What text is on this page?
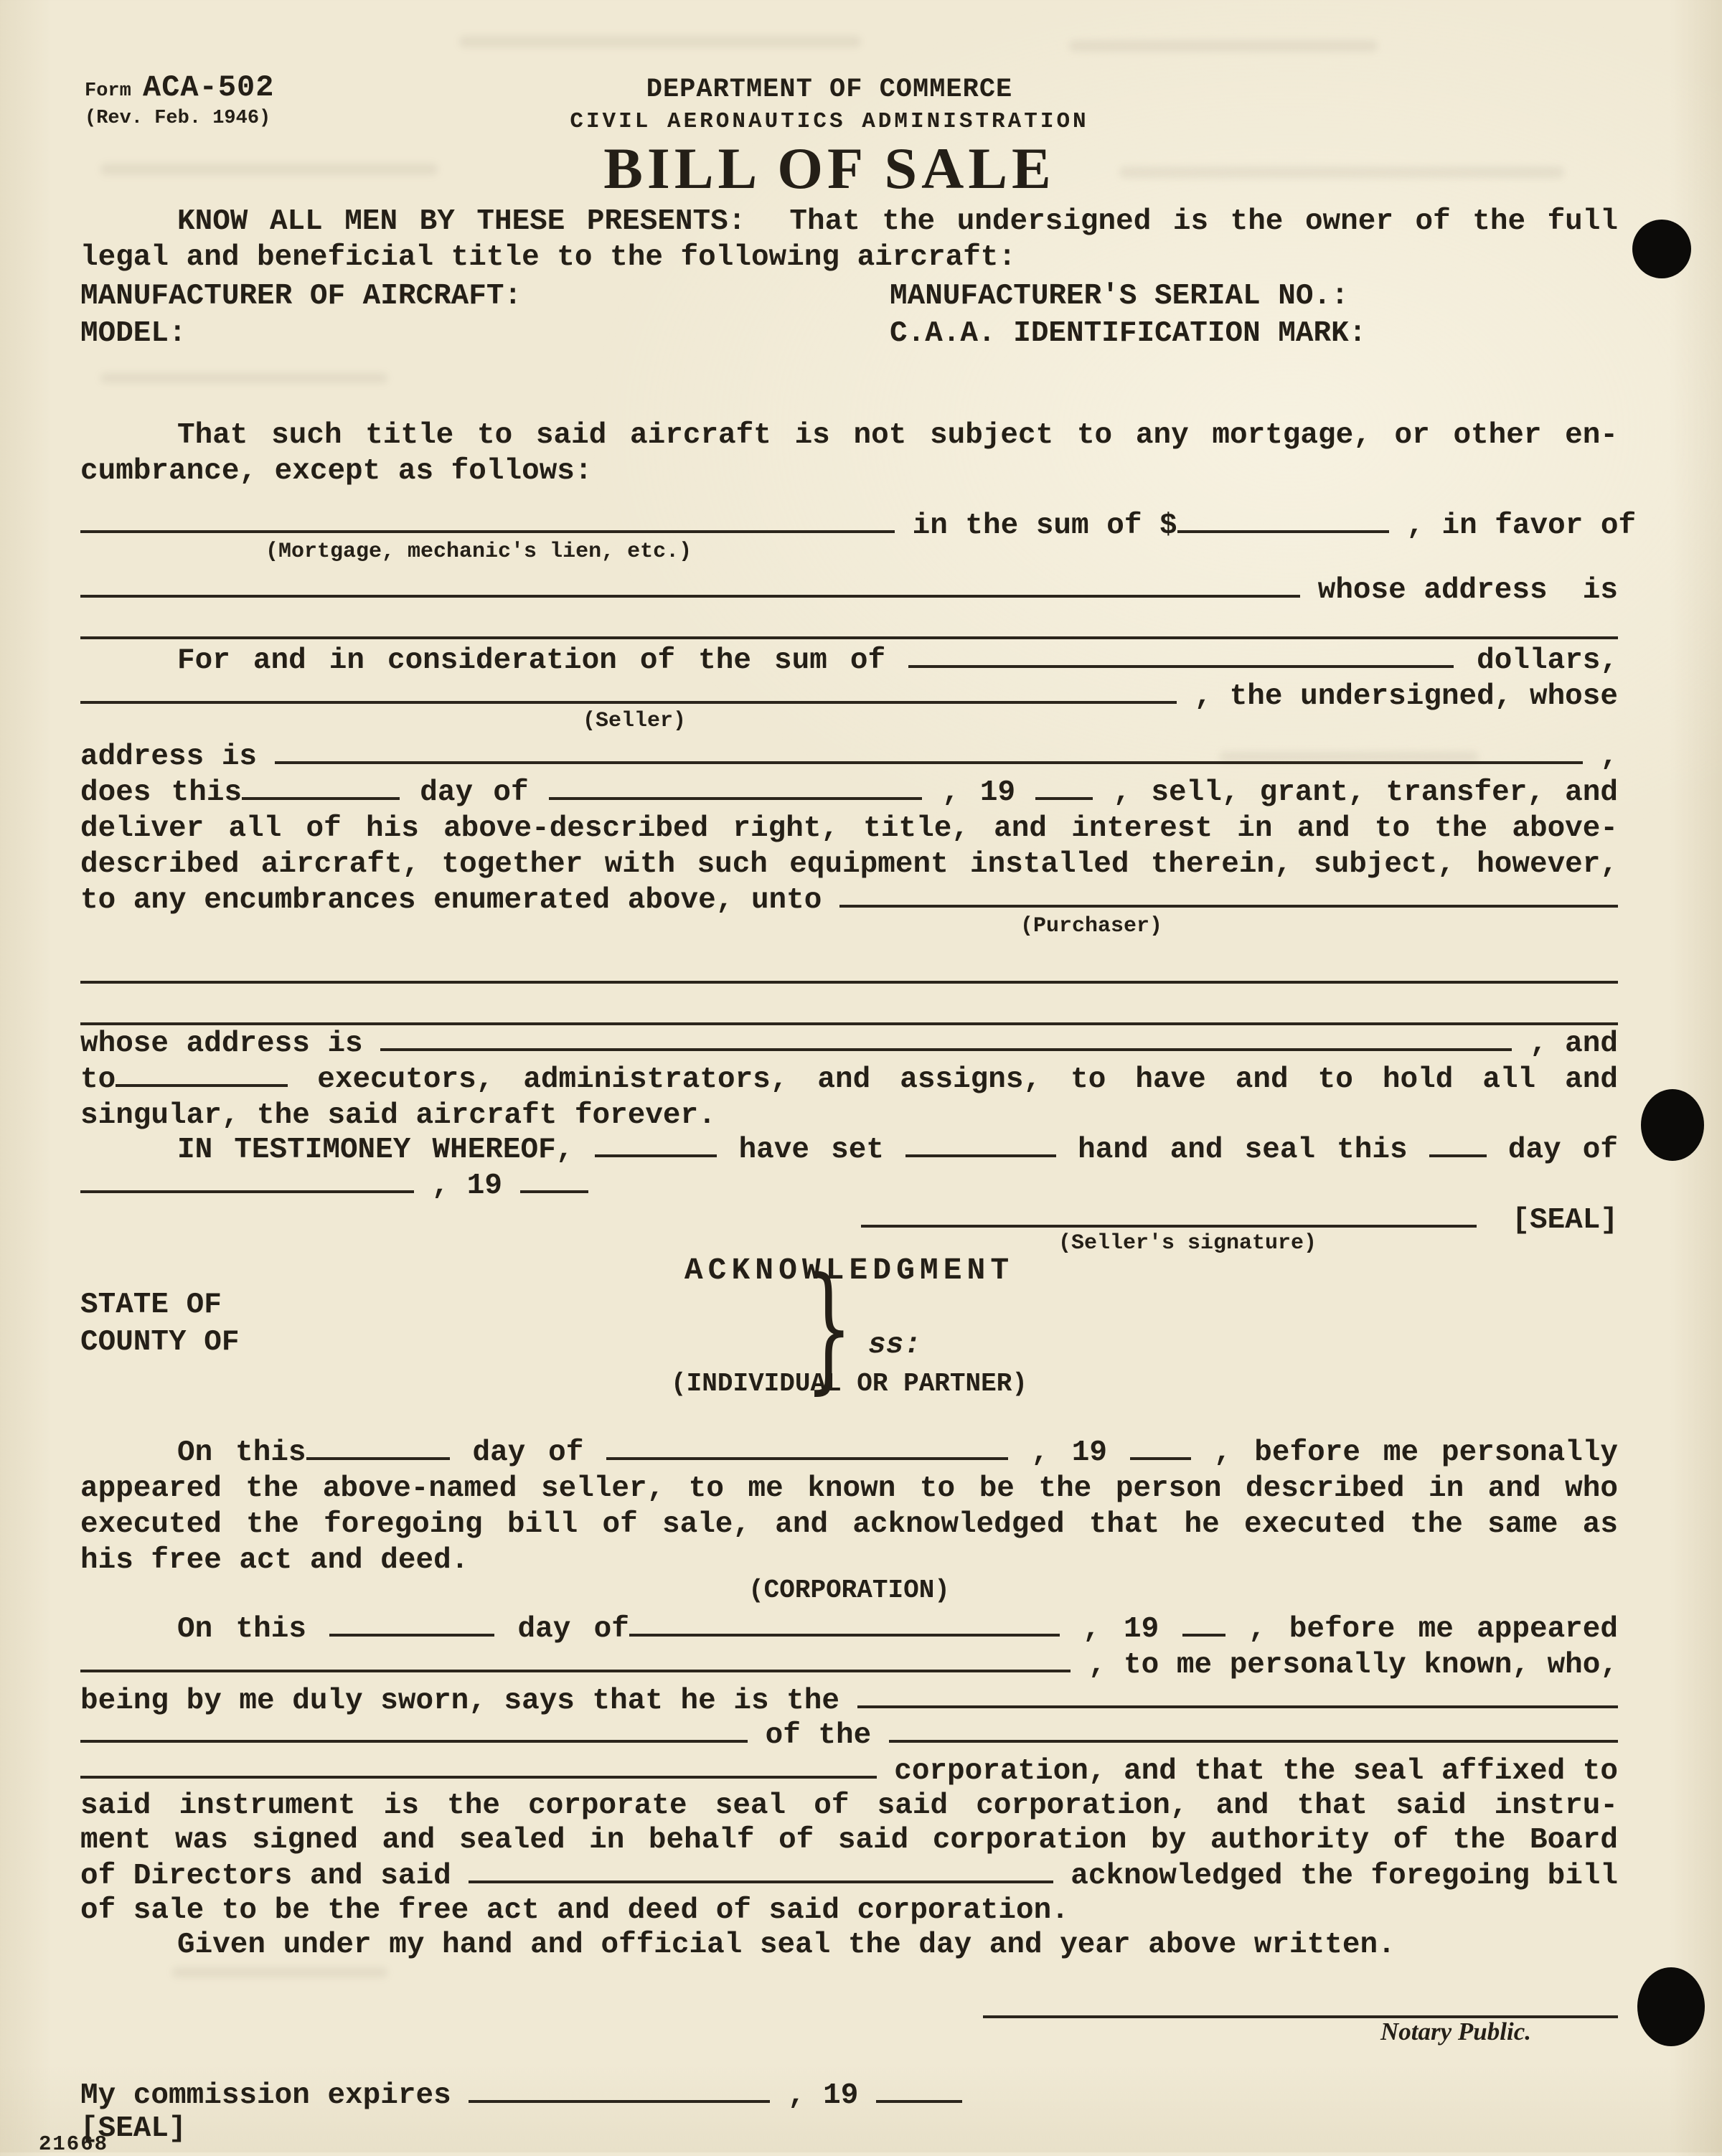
Form ACA-502
(Rev. Feb. 1946)
DEPARTMENT OF COMMERCE
CIVIL AERONAUTICS ADMINISTRATION
BILL OF SALE
KNOW ALL MEN BY THESE PRESENTS:  That the undersigned is the owner of the full
legal and beneficial title to the following aircraft:
MANUFACTURER OF AIRCRAFT:	MANUFACTURER'S SERIAL NO.:
MODEL:	C.A.A. IDENTIFICATION MARK:
That such title to said aircraft is not subject to any mortgage, or other en-
cumbrance, except as follows:
in the sum of $	, in favor of
(Mortgage, mechanic's lien, etc.)
whose address  is
For and in consideration of the sum of	dollars,
, the undersigned, whose
(Seller)
address is	,
does this	day of	, 19  , sell, grant, transfer, and
deliver all of his above-described right, title, and interest in and to the above-
described aircraft, together with such equipment installed therein, subject, however,
to any encumbrances enumerated above, unto
(Purchaser)
whose address is	, and
to	executors, administrators, and assigns, to have and to hold all and
singular, the said aircraft forever.
IN TESTIMONEY WHEREOF,	have set	hand and seal this  day of
, 19
[SEAL]
(Seller's signature)
ACKNOWLEDGMENT
STATE OF
COUNTY OF	ss:
(INDIVIDUAL OR PARTNER)
On this	day of	, 19  , before me personally
appeared the above-named seller, to me known to be the person described in and who
executed the foregoing bill of sale, and acknowledged that he executed the same as
his free act and deed.
(CORPORATION)
On this	day of	, 19  , before me appeared
, to me personally known, who,
being by me duly sworn, says that he is the
of the
corporation, and that the seal affixed to
said instrument is the corporate seal of said corporation, and that said instru-
ment was signed and sealed in behalf of said corporation by authority of the Board
of Directors and said	acknowledged the foregoing bill
of sale to be the free act and deed of said corporation.
Given under my hand and official seal the day and year above written.
Notary Public.
My commission expires	, 19
[SEAL]
}
21668
